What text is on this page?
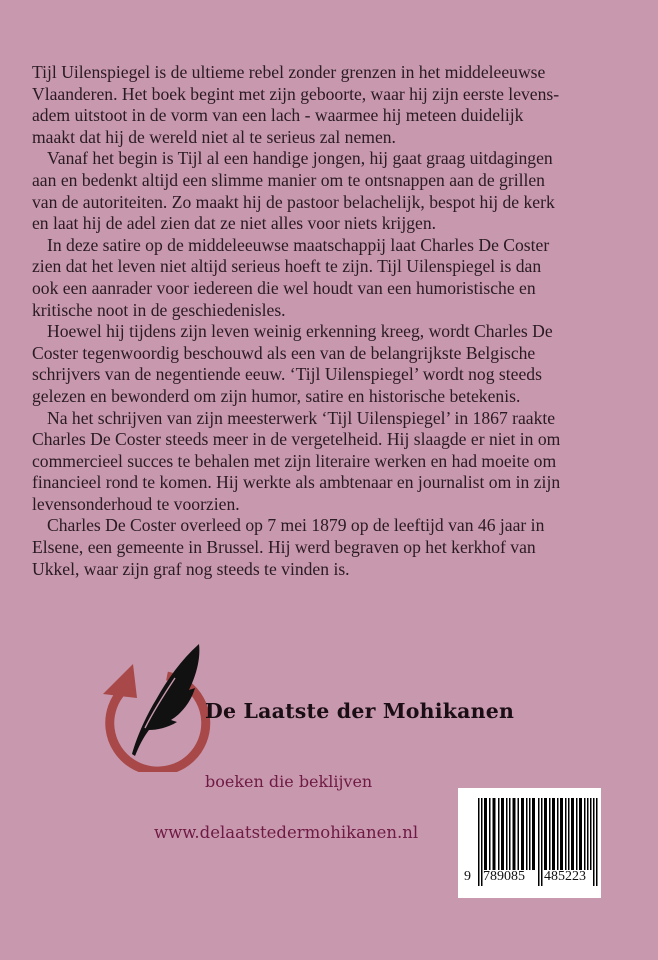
Tijl Uilenspiegel is de ultieme rebel zonder grenzen in het middeleeuwse
Vlaanderen. Het boek begint met zijn geboorte, waar hij zijn eerste levens-
adem uitstoot in de vorm van een lach - waarmee hij meteen duidelijk
maakt dat hij de wereld niet al te serieus zal nemen.
Vanaf het begin is Tijl al een handige jongen, hij gaat graag uitdagingen
aan en bedenkt altijd een slimme manier om te ontsnappen aan de grillen
van de autoriteiten. Zo maakt hij de pastoor belachelijk, bespot hij de kerk
en laat hij de adel zien dat ze niet alles voor niets krijgen.
In deze satire op de middeleeuwse maatschappij laat Charles De Coster
zien dat het leven niet altijd serieus hoeft te zijn. Tijl Uilenspiegel is dan
ook een aanrader voor iedereen die wel houdt van een humoristische en
kritische noot in de geschiedenisles.
Hoewel hij tijdens zijn leven weinig erkenning kreeg, wordt Charles De
Coster tegenwoordig beschouwd als een van de belangrijkste Belgische
schrijvers van de negentiende eeuw. ‘Tijl Uilenspiegel’ wordt nog steeds
gelezen en bewonderd om zijn humor, satire en historische betekenis.
Na het schrijven van zijn meesterwerk ‘Tijl Uilenspiegel’ in 1867 raakte
Charles De Coster steeds meer in de vergetelheid. Hij slaagde er niet in om
commercieel succes te behalen met zijn literaire werken en had moeite om
financieel rond te komen. Hij werkte als ambtenaar en journalist om in zijn
levensonderhoud te voorzien.
Charles De Coster overleed op 7 mei 1879 op de leeftijd van 46 jaar in
Elsene, een gemeente in Brussel. Hij werd begraven op het kerkhof van
Ukkel, waar zijn graf nog steeds te vinden is.
De Laatste der Mohikanen
boeken die beklijven
www.delaatstedermohikanen.nl
9 789085 485223
